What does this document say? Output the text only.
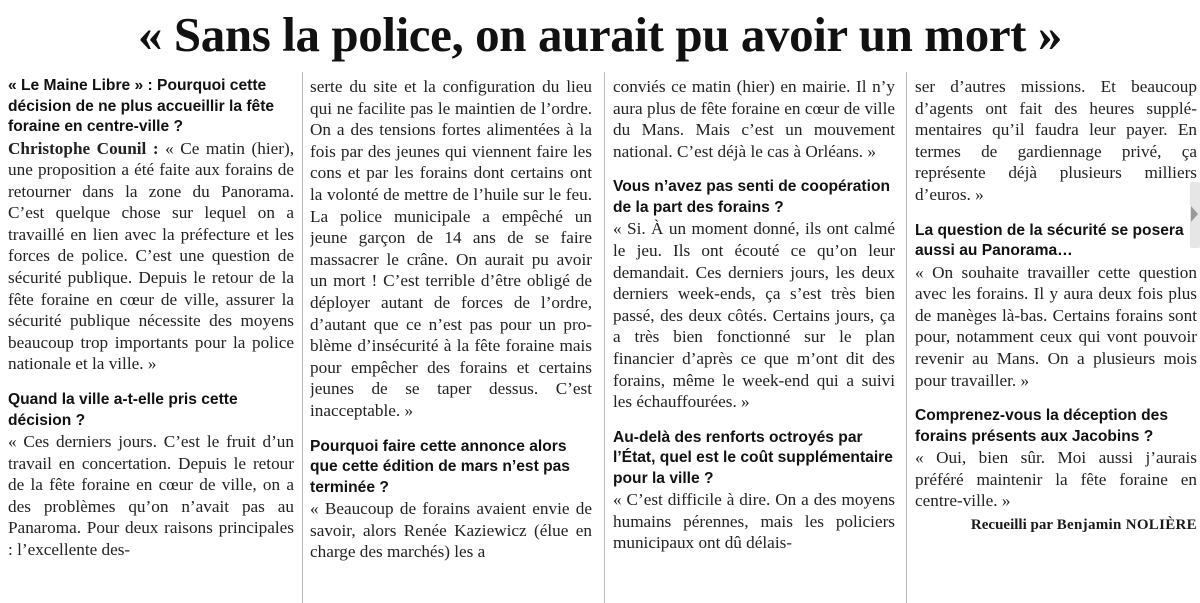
« Sans la police, on aurait pu avoir un mort »
« Le Maine Libre » : Pourquoi cette décision de ne plus accueillir la fête foraine en centre-ville ?
Christophe Counil : « Ce matin (hier), une proposition a été faite aux forains de retourner dans la zone du Panorama. C’est quelque chose sur lequel on a travaillé en lien avec la préfecture et les forces de police. C’est une question de sécurité publique. Depuis le retour de la fête foraine en cœur de ville, assurer la sécurité publique nécessite des moyens beaucoup trop importants pour la police nationale et la ville. »
Quand la ville a-t-elle pris cette décision ?
« Ces derniers jours. C’est le fruit d’un travail en concertation. Depuis le retour de la fête foraine en cœur de ville, on a des problèmes qu’on n’avait pas au Panaroma. Pour deux raisons principales : l’excellente des-
serte du site et la configuration du lieu qui ne facilite pas le maintien de l’ordre. On a des tensions fortes alimentées à la fois par des jeunes qui viennent faire les cons et par les forains dont certains ont la volonté de mettre de l’huile sur le feu. La police municipale a empêché un jeune garçon de 14 ans de se faire massacrer le crâne. On aurait pu avoir un mort ! C’est terrible d’être obligé de déployer autant de forces de l’ordre, d’autant que ce n’est pas pour un problème d’insécurité à la fête foraine mais pour empêcher des forains et certains jeunes de se taper dessus. C’est inacceptable. »
Pourquoi faire cette annonce alors que cette édition de mars n’est pas terminée ?
« Beaucoup de forains avaient envie de savoir, alors Renée Kaziewicz (élue en charge des marchés) les a
conviés ce matin (hier) en mairie. Il n’y aura plus de fête foraine en cœur de ville du Mans. Mais c’est un mouvement national. C’est déjà le cas à Orléans. »
Vous n’avez pas senti de coopération de la part des forains ?
« Si. À un moment donné, ils ont calmé le jeu. Ils ont écouté ce qu’on leur demandait. Ces derniers jours, les deux derniers week-ends, ça s’est très bien passé, des deux côtés. Certains jours, ça a très bien fonctionné sur le plan financier d’après ce que m’ont dit des forains, même le week-end qui a suivi les échauffourées. »
Au-delà des renforts octroyés par l’État, quel est le coût supplémentaire pour la ville ?
« C’est difficile à dire. On a des moyens humains pérennes, mais les policiers municipaux ont dû délais-
ser d’autres missions. Et beaucoup d’agents ont fait des heures supplémentaires qu’il faudra leur payer. En termes de gardiennage privé, ça représente déjà plusieurs milliers d’euros. »
La question de la sécurité se posera aussi au Panorama…
« On souhaite travailler cette question avec les forains. Il y aura deux fois plus de manèges là-bas. Certains forains sont pour, notamment ceux qui vont pouvoir revenir au Mans. On a plusieurs mois pour travailler. »
Comprenez-vous la déception des forains présents aux Jacobins ?
« Oui, bien sûr. Moi aussi j’aurais préféré maintenir la fête foraine en centre-ville. »
Recueilli par Benjamin NOLIÈRE
